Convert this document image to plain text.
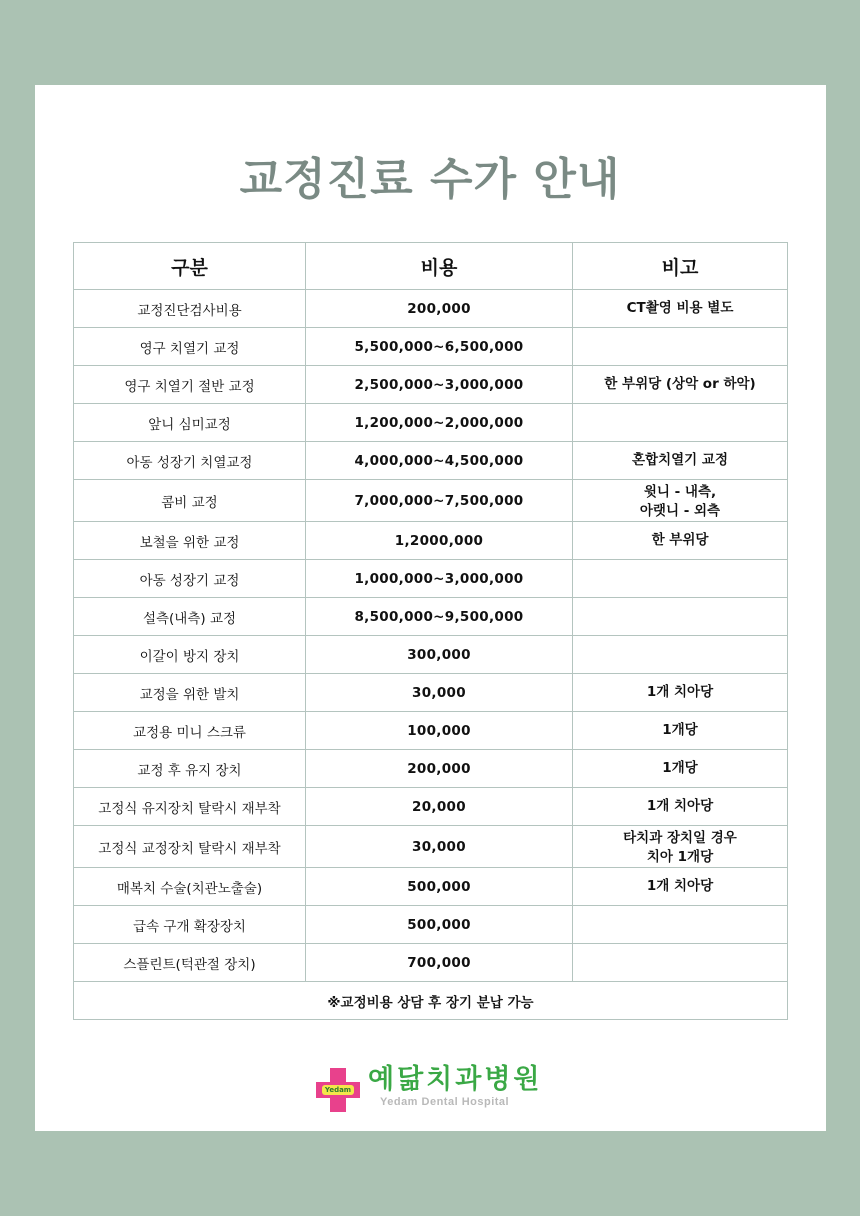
교정진료 수가 안내
구분	비용	비고
교정진단검사비용	200,000	CT촬영 비용 별도
영구 치열기 교정	5,500,000~6,500,000	
영구 치열기 절반 교정	2,500,000~3,000,000	한 부위당 (상악 or 하악)
앞니 심미교정	1,200,000~2,000,000	
아동 성장기 치열교정	4,000,000~4,500,000	혼합치열기 교정
콤비 교정	7,000,000~7,500,000	윗니 - 내측,
아랫니 - 외측

보철을 위한 교정	1,2000,000	한 부위당
아동 성장기 교정	1,000,000~3,000,000	
설측(내측) 교정	8,500,000~9,500,000	
이갈이 방지 장치	300,000	
교정을 위한 발치	30,000	1개 치아당
교정용 미니 스크류	100,000	1개당
교정 후 유지 장치	200,000	1개당
고정식 유지장치 탈락시 재부착	20,000	1개 치아당
고정식 교정장치 탈락시 재부착	30,000	타치과 장치일 경우
치아 1개당

매복치 수술(치관노출술)	500,000	1개 치아당
급속 구개 확장장치	500,000	
스플린트(턱관절 장치)	700,000	
※교정비용 상담 후 장기 분납 가능		
Yedam 예닮치과병원
Yedam Dental Hospital
